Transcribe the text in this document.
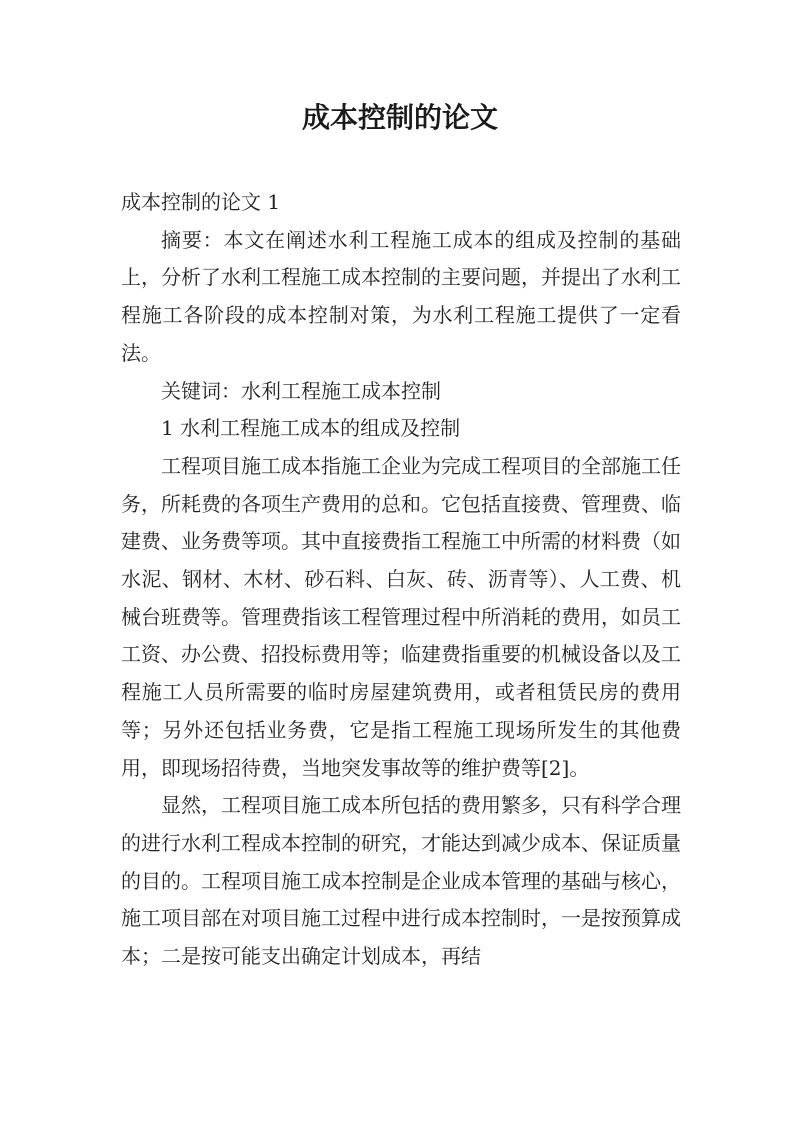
成本控制的论文

成本控制的论文 1

摘要：本文在阐述水利工程施工成本的组成及控制的基础上，分析了水利工程施工成本控制的主要问题，并提出了水利工程施工各阶段的成本控制对策，为水利工程施工提供了一定看法。

关键词：水利工程施工成本控制

1 水利工程施工成本的组成及控制

工程项目施工成本指施工企业为完成工程项目的全部施工任务，所耗费的各项生产费用的总和。它包括直接费、管理费、临建费、业务费等项。其中直接费指工程施工中所需的材料费（如水泥、钢材、木材、砂石料、白灰、砖、沥青等）、人工费、机械台班费等。管理费指该工程管理过程中所消耗的费用，如员工工资、办公费、招投标费用等；临建费指重要的机械设备以及工程施工人员所需要的临时房屋建筑费用，或者租赁民房的费用等；另外还包括业务费，它是指工程施工现场所发生的其他费用，即现场招待费，当地突发事故等的维护费等[2]。

显然，工程项目施工成本所包括的费用繁多，只有科学合理的进行水利工程成本控制的研究，才能达到减少成本、保证质量的目的。工程项目施工成本控制是企业成本管理的基础与核心，施工项目部在对项目施工过程中进行成本控制时，一是按预算成本；二是按可能支出确定计划成本，再结
